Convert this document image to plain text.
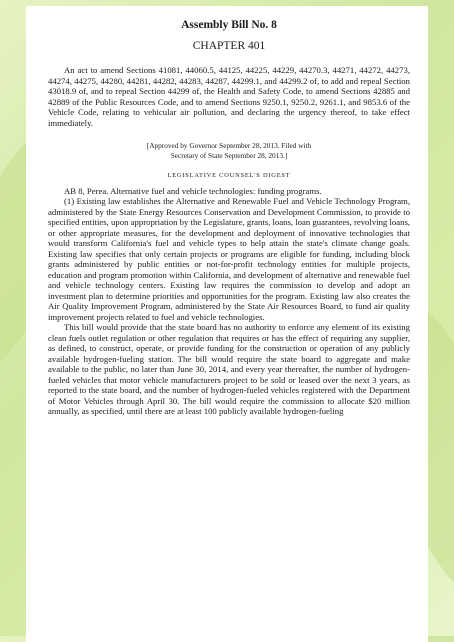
Assembly Bill No. 8
CHAPTER 401

An act to amend Sections 41081, 44060.5, 44125, 44225, 44229, 44270.3, 44271, 44272, 44273, 44274, 44275, 44280, 44281, 44282, 44283, 44287, 44299.1, and 44299.2 of, to add and repeal Section 43018.9 of, and to repeal Section 44299 of, the Health and Safety Code, to amend Sections 42885 and 42889 of the Public Resources Code, and to amend Sections 9250.1, 9250.2, 9261.1, and 9853.6 of the Vehicle Code, relating to vehicular air pollution, and declaring the urgency thereof, to take effect immediately.

[Approved by Governor September 28, 2013. Filed with
Secretary of State September 28, 2013.]
LEGISLATIVE COUNSEL'S DIGEST

AB 8, Perea. Alternative fuel and vehicle technologies: funding programs.

(1) Existing law establishes the Alternative and Renewable Fuel and Vehicle Technology Program, administered by the State Energy Resources Conservation and Development Commission, to provide to specified entities, upon appropriation by the Legislature, grants, loans, loan guarantees, revolving loans, or other appropriate measures, for the development and deployment of innovative technologies that would transform California's fuel and vehicle types to help attain the state's climate change goals. Existing law specifies that only certain projects or programs are eligible for funding, including block grants administered by public entities or not-for-profit technology entities for multiple projects, education and program promotion within California, and development of alternative and renewable fuel and vehicle technology centers. Existing law requires the commission to develop and adopt an investment plan to determine priorities and opportunities for the program. Existing law also creates the Air Quality Improvement Program, administered by the State Air Resources Board, to fund air quality improvement projects related to fuel and vehicle technologies.

This bill would provide that the state board has no authority to enforce any element of its existing clean fuels outlet regulation or other regulation that requires or has the effect of requiring any supplier, as defined, to construct, operate, or provide funding for the construction or operation of any publicly available hydrogen-fueling station. The bill would require the state board to aggregate and make available to the public, no later than June 30, 2014, and every year thereafter, the number of hydrogen-fueled vehicles that motor vehicle manufacturers project to be sold or leased over the next 3 years, as reported to the state board, and the number of hydrogen-fueled vehicles registered with the Department of Motor Vehicles through April 30. The bill would require the commission to allocate $20 million annually, as specified, until there are at least 100 publicly available hydrogen-fueling
